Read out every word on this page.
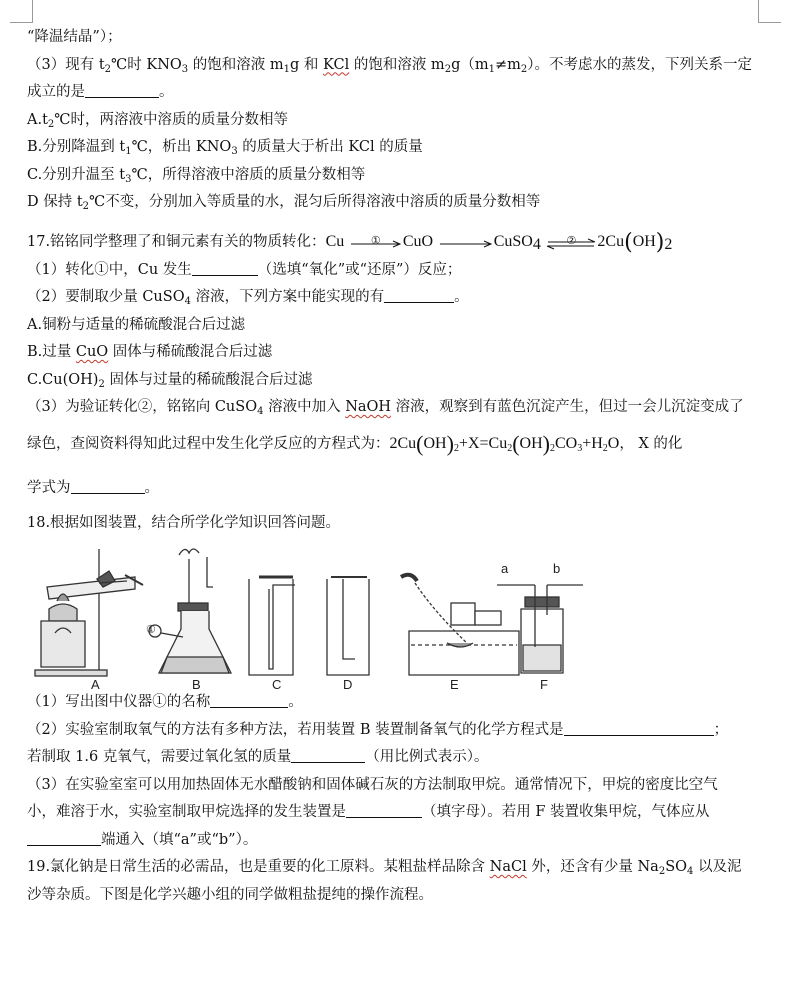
“降温结晶”）；
（3）现有 $t_2℃$时 $KNO_3$ 的饱和溶液 $m_1g$ 和 KCl 的饱和溶液 $m_2g(m_1\ne m_2)$。不考虑水的蒸发，下列关系一定
成立的是	。
$A.t_2℃$时，两溶液中溶质的质量分数相等
B.分别降温到 $t_1℃$，析出 $KNO_3$ 的质量大于析出 KCl 的质量
C.分别升温至 $t_3℃$，所得溶液中溶质的质量分数相等
D 保持 $t_2℃$不变，分别加入等质量的水，混匀后所得溶液中溶质的质量分数相等
17.铭铭同学整理了和铜元素有关的物质转化：Cu	①	CuO	CuSO$_4$	②	$2Cu(OH)_2$
（1）转化①中，Cu 发生	（选填“氧化”或“还原”）反应；
（2）要制取少量 CuSO$_4$ 溶液，下列方案中能实现的有	。
A.铜粉与适量的稀硫酸混合后过滤
B.过量 CuO 固体与稀硫酸混合后过滤
$C.Cu(OH)_2$ 固体与过量的稀硫酸混合后过滤
（3）为验证转化②，铭铭向 CuSO$_4$ 溶液中加入 NaOH 溶液，观察到有蓝色沉淀产生，但过一会儿沉淀变成了
绿色，查阅资料得知此过程中发生化学反应的方程式为：$2Cu(OH)_2+X=Cu_2(OH)_2CO_3+H_2O$， X 的化
学式为	。
18.根据如图装置，结合所学化学知识回答问题。
A	B	C	D	E	F
a	b
①
（1）写出图中仪器①的名称	。
（2）实验室制取氧气的方法有多种方法，若用装置 B 装置制备氧气的化学方程式是	；
若制取 1.6 克氧气，需要过氧化氢的质量	（用比例式表示）。
（3）在实验室室可以用加热固体无水醋酸钠和固体碱石灰的方法制取甲烷。通常情况下，甲烷的密度比空气
小，难溶于水，实验室制取甲烷选择的发生装置是	（填字母）。若用 F 装置收集甲烷，气体应从
端通入（填“a”或“b”）。
19.氯化钠是日常生活的必需品，也是重要的化工原料。某粗盐样品除含 NaCl 外，还含有少量 $Na_2SO_4$ 以及泥
沙等杂质。下图是化学兴趣小组的同学做粗盐提纯的操作流程。
